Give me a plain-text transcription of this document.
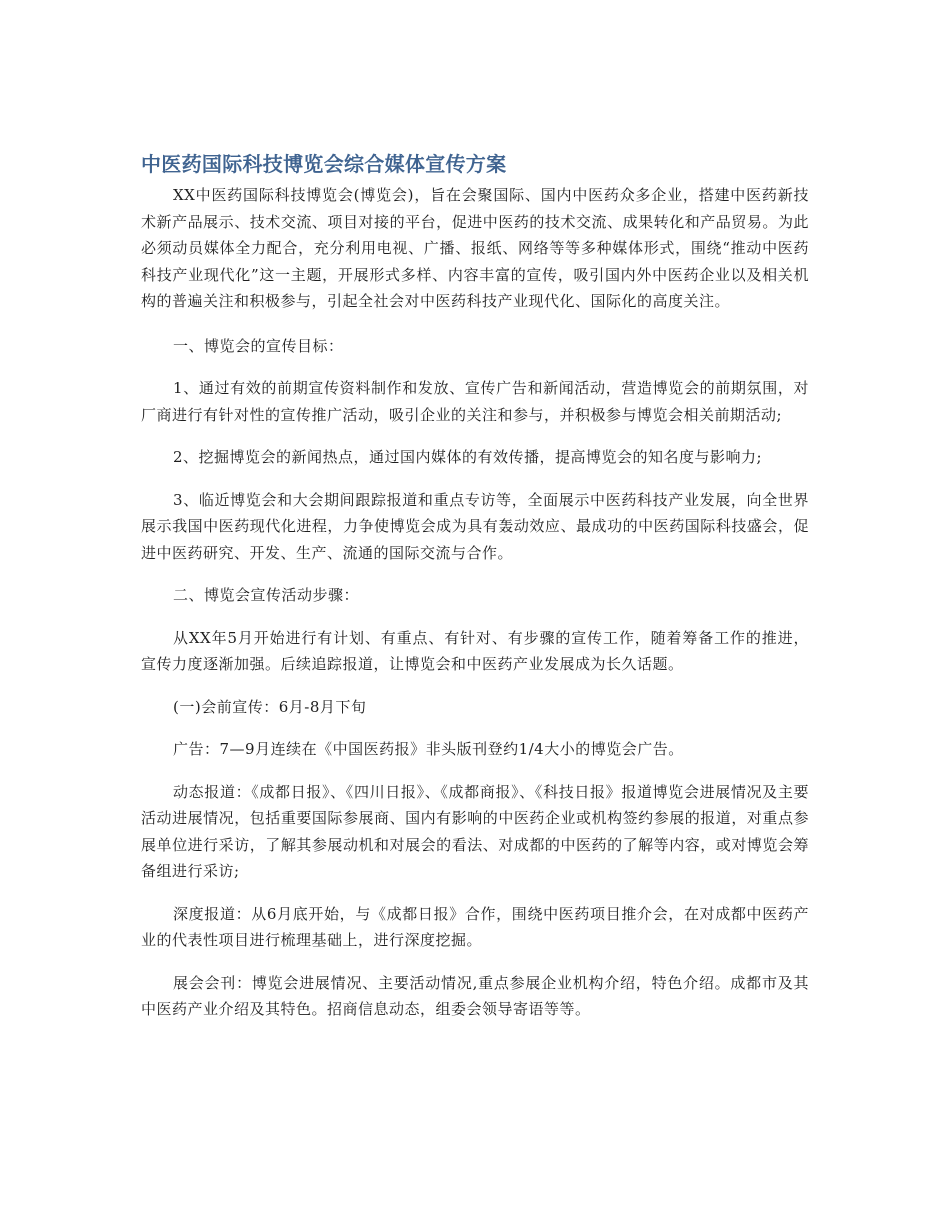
中医药国际科技博览会综合媒体宣传方案

XX中医药国际科技博览会(博览会)，旨在会聚国际、国内中医药众多企业，搭建中医药新技术新产品展示、技术交流、项目对接的平台，促进中医药的技术交流、成果转化和产品贸易。为此必须动员媒体全力配合，充分利用电视、广播、报纸、网络等等多种媒体形式，围绕“推动中医药科技产业现代化”这一主题，开展形式多样、内容丰富的宣传，吸引国内外中医药企业以及相关机构的普遍关注和积极参与，引起全社会对中医药科技产业现代化、国际化的高度关注。

一、博览会的宣传目标：

1、通过有效的前期宣传资料制作和发放、宣传广告和新闻活动，营造博览会的前期氛围，对厂商进行有针对性的宣传推广活动，吸引企业的关注和参与，并积极参与博览会相关前期活动;

2、挖掘博览会的新闻热点，通过国内媒体的有效传播，提高博览会的知名度与影响力;

3、临近博览会和大会期间跟踪报道和重点专访等，全面展示中医药科技产业发展，向全世界展示我国中医药现代化进程，力争使博览会成为具有轰动效应、最成功的中医药国际科技盛会，促进中医药研究、开发、生产、流通的国际交流与合作。

二、博览会宣传活动步骤：

从XX年5月开始进行有计划、有重点、有针对、有步骤的宣传工作，随着筹备工作的推进，宣传力度逐渐加强。后续追踪报道，让博览会和中医药产业发展成为长久话题。

(一)会前宣传：6月-8月下旬

广告：7—9月连续在《中国医药报》非头版刊登约1/4大小的博览会广告。

动态报道：《成都日报》、《四川日报》、《成都商报》、《科技日报》报道博览会进展情况及主要活动进展情况，包括重要国际参展商、国内有影响的中医药企业或机构签约参展的报道，对重点参展单位进行采访，了解其参展动机和对展会的看法、对成都的中医药的了解等内容，或对博览会筹备组进行采访;

深度报道：从6月底开始，与《成都日报》合作，围绕中医药项目推介会，在对成都中医药产业的代表性项目进行梳理基础上，进行深度挖掘。

展会会刊：博览会进展情况、主要活动情况,重点参展企业机构介绍，特色介绍。成都市及其中医药产业介绍及其特色。招商信息动态，组委会领导寄语等等。
